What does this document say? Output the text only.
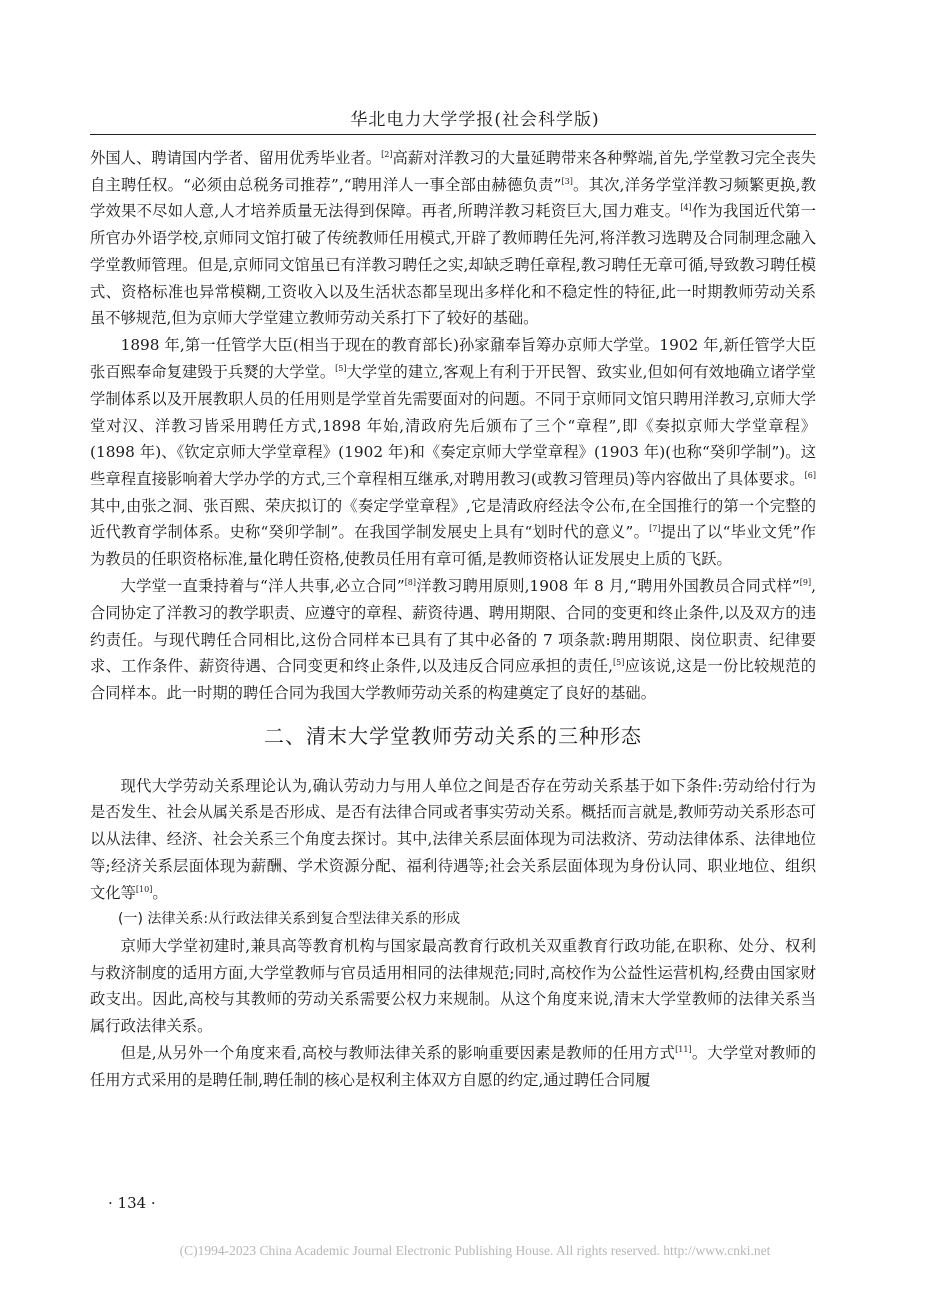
华北电力大学学报(社会科学版)

外国人、聘请国内学者、留用优秀毕业者。[2]高薪对洋教习的大量延聘带来各种弊端,首先,学堂教习完全丧失自主聘任权。“必须由总税务司推荐”,“聘用洋人一事全部由赫德负责”[3]。其次,洋务学堂洋教习频繁更换,教学效果不尽如人意,人才培养质量无法得到保障。再者,所聘洋教习耗资巨大,国力难支。[4]作为我国近代第一所官办外语学校,京师同文馆打破了传统教师任用模式,开辟了教师聘任先河,将洋教习选聘及合同制理念融入学堂教师管理。但是,京师同文馆虽已有洋教习聘任之实,却缺乏聘任章程,教习聘任无章可循,导致教习聘任模式、资格标准也异常模糊,工资收入以及生活状态都呈现出多样化和不稳定性的特征,此一时期教师劳动关系虽不够规范,但为京师大学堂建立教师劳动关系打下了较好的基础。

1898 年,第一任管学大臣(相当于现在的教育部长)孙家鼐奉旨筹办京师大学堂。1902 年,新任管学大臣张百熙奉命复建毁于兵燹的大学堂。[5]大学堂的建立,客观上有利于开民智、致实业,但如何有效地确立诸学堂学制体系以及开展教职人员的任用则是学堂首先需要面对的问题。不同于京师同文馆只聘用洋教习,京师大学堂对汉、洋教习皆采用聘任方式,1898 年始,清政府先后颁布了三个“章程”,即《奏拟京师大学堂章程》(1898 年)、《钦定京师大学堂章程》(1902 年)和《奏定京师大学堂章程》(1903 年)(也称“癸卯学制”)。这些章程直接影响着大学办学的方式,三个章程相互继承,对聘用教习(或教习管理员)等内容做出了具体要求。[6]其中,由张之洞、张百熙、荣庆拟订的《奏定学堂章程》,它是清政府经法令公布,在全国推行的第一个完整的近代教育学制体系。史称“癸卯学制”。在我国学制发展史上具有“划时代的意义”。[7]提出了以“毕业文凭”作为教员的任职资格标准,量化聘任资格,使教员任用有章可循,是教师资格认证发展史上质的飞跃。

大学堂一直秉持着与“洋人共事,必立合同”[8]洋教习聘用原则,1908 年 8 月,“聘用外国教员合同式样”[9],合同协定了洋教习的教学职责、应遵守的章程、薪资待遇、聘用期限、合同的变更和终止条件,以及双方的违约责任。与现代聘任合同相比,这份合同样本已具有了其中必备的 7 项条款:聘用期限、岗位职责、纪律要求、工作条件、薪资待遇、合同变更和终止条件,以及违反合同应承担的责任,[5]应该说,这是一份比较规范的合同样本。此一时期的聘任合同为我国大学教师劳动关系的构建奠定了良好的基础。

二、清末大学堂教师劳动关系的三种形态

现代大学劳动关系理论认为,确认劳动力与用人单位之间是否存在劳动关系基于如下条件:劳动给付行为是否发生、社会从属关系是否形成、是否有法律合同或者事实劳动关系。概括而言就是,教师劳动关系形态可以从法律、经济、社会关系三个角度去探讨。其中,法律关系层面体现为司法救济、劳动法律体系、法律地位等;经济关系层面体现为薪酬、学术资源分配、福利待遇等;社会关系层面体现为身份认同、职业地位、组织文化等[10]。

(一) 法律关系:从行政法律关系到复合型法律关系的形成

京师大学堂初建时,兼具高等教育机构与国家最高教育行政机关双重教育行政功能,在职称、处分、权利与救济制度的适用方面,大学堂教师与官员适用相同的法律规范;同时,高校作为公益性运营机构,经费由国家财政支出。因此,高校与其教师的劳动关系需要公权力来规制。从这个角度来说,清末大学堂教师的法律关系当属行政法律关系。

但是,从另外一个角度来看,高校与教师法律关系的影响重要因素是教师的任用方式[11]。大学堂对教师的任用方式采用的是聘任制,聘任制的核心是权利主体双方自愿的约定,通过聘任合同履

· 134 ·
(C)1994-2023 China Academic Journal Electronic Publishing House. All rights reserved. http://www.cnki.net
